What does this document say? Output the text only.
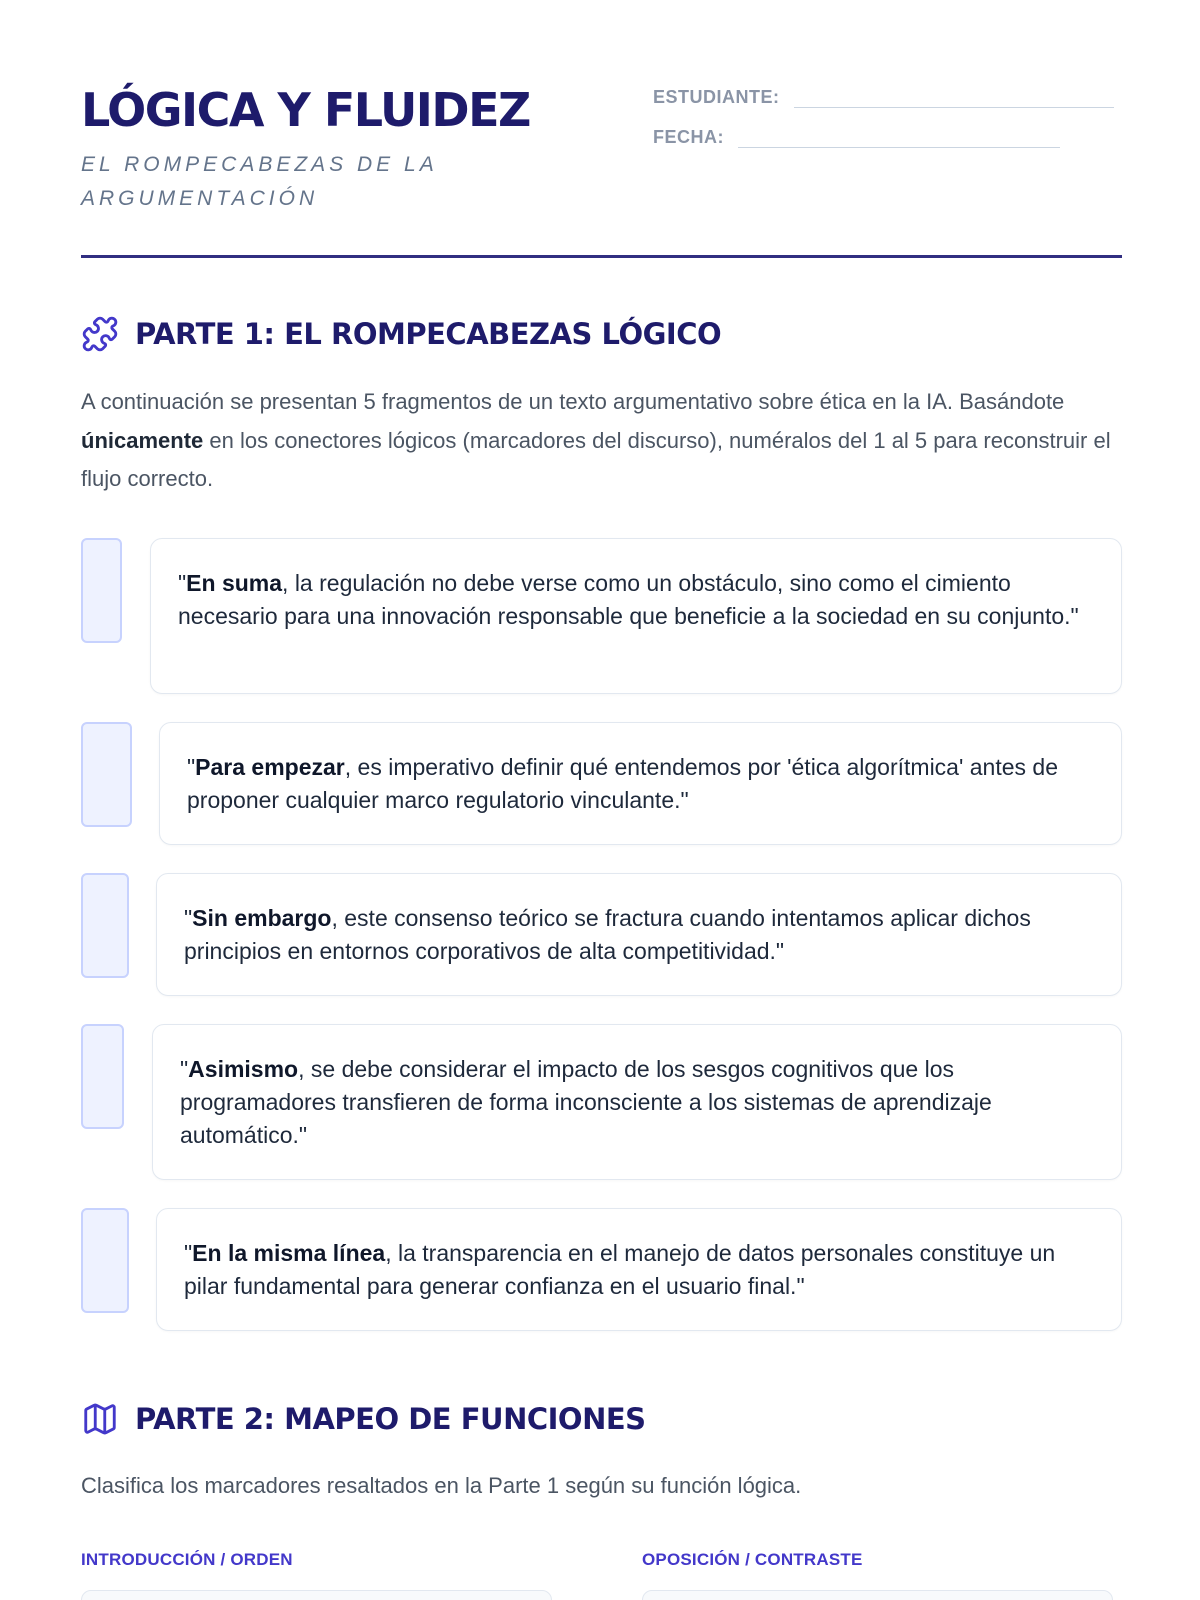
LÓGICA Y FLUIDEZ
EL ROMPECABEZAS DE LA ARGUMENTACIÓN
ESTUDIANTE:
FECHA:
PARTE 1: EL ROMPECABEZAS LÓGICO
A continuación se presentan 5 fragmentos de un texto argumentativo sobre ética en la IA. Basándote únicamente en los conectores lógicos (marcadores del discurso), numéralos del 1 al 5 para reconstruir el flujo correcto.
"En suma, la regulación no debe verse como un obstáculo, sino como el cimiento necesario para una innovación responsable que beneficie a la sociedad en su conjunto."
"Para empezar, es imperativo definir qué entendemos por 'ética algorítmica' antes de proponer cualquier marco regulatorio vinculante."
"Sin embargo, este consenso teórico se fractura cuando intentamos aplicar dichos principios en entornos corporativos de alta competitividad."
"Asimismo, se debe considerar el impacto de los sesgos cognitivos que los programadores transfieren de forma inconsciente a los sistemas de aprendizaje automático."
"En la misma línea, la transparencia en el manejo de datos personales constituye un pilar fundamental para generar confianza en el usuario final."
PARTE 2: MAPEO DE FUNCIONES
Clasifica los marcadores resaltados en la Parte 1 según su función lógica.
INTRODUCCIÓN / ORDEN	OPOSICIÓN / CONTRASTE
